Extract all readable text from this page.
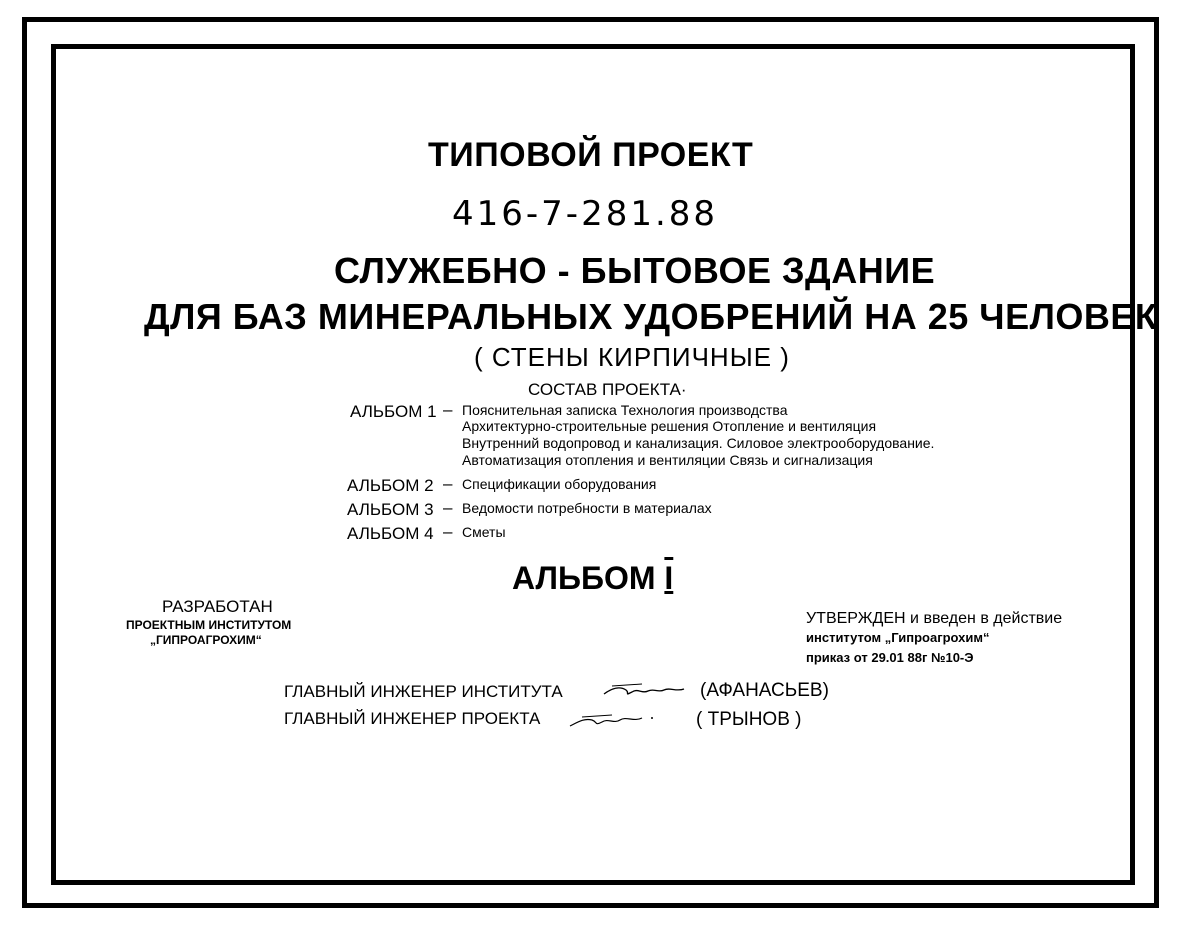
ТИПОВОЙ ПРОЕКТ
416-7-281.88
СЛУЖЕБНО - БЫТОВОЕ ЗДАНИЕ
ДЛЯ БАЗ МИНЕРАЛЬНЫХ УДОБРЕНИЙ НА 25 ЧЕЛОВЕК
( СТЕНЫ КИРПИЧНЫЕ )
СОСТАВ ПРОЕКТА·
АЛЬБОМ 1 – Пояснительная записка Технология производства
Архитектурно-строительные решения Отопление и вентиляция
Внутренний водопровод и канализация. Силовое электрооборудование.
Автоматизация отопления и вентиляции Связь и сигнализация
АЛЬБОМ 2 – Спецификации оборудования
АЛЬБОМ 3 – Ведомости потребности в материалах
АЛЬБОМ 4 – Сметы
АЛЬБОМ I
РАЗРАБОТАН
ПРОЕКТНЫМ ИНСТИТУТОМ
„ГИПРОАГРОХИМ“
УТВЕРЖДЕН и введен в действие
институтом „Гипроагрохим“
приказ от 29.01 88г №10-Э
ГЛАВНЫЙ ИНЖЕНЕР ИНСТИТУТА	(АФАНАСЬЕВ)
ГЛАВНЫЙ ИНЖЕНЕР ПРОЕКТА	( ТРЫНОВ )
